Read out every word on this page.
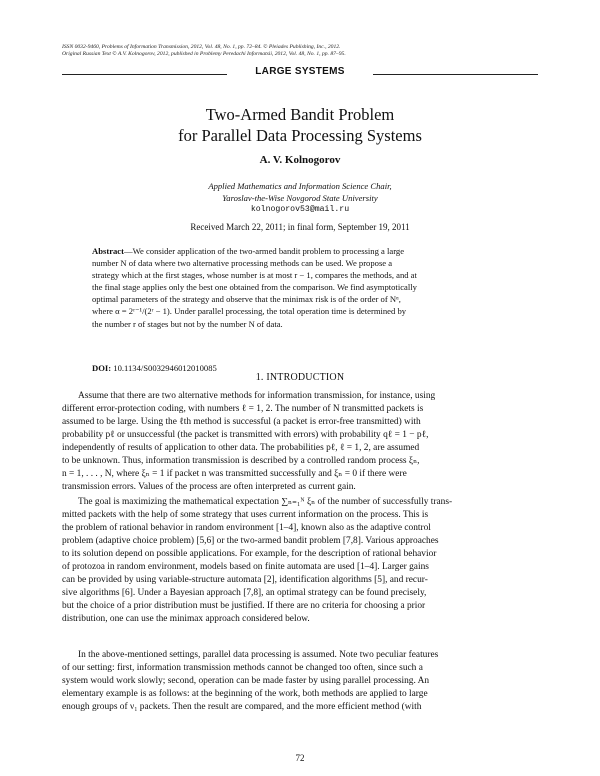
ISSN 0032-9460, Problems of Information Transmission, 2012, Vol. 48, No. 1, pp. 72–84. © Pleiades Publishing, Inc., 2012.
Original Russian Text © A.V. Kolnogorov, 2012, published in Problemy Peredachi Informatsii, 2012, Vol. 48, No. 1, pp. 87–95.
LARGE SYSTEMS
Two-Armed Bandit Problem
for Parallel Data Processing Systems
A. V. Kolnogorov
Applied Mathematics and Information Science Chair,
Yaroslav-the-Wise Novgorod State University
kolnogorov53@mail.ru
Received March 22, 2011; in final form, September 19, 2011
Abstract—We consider application of the two-armed bandit problem to processing a large
number N of data where two alternative processing methods can be used. We propose a
strategy which at the first stages, whose number is at most r − 1, compares the methods, and at
the final stage applies only the best one obtained from the comparison. We find asymptotically
optimal parameters of the strategy and observe that the minimax risk is of the order of Nᵅ,
where α = 2ʳ⁻¹/(2ʳ − 1). Under parallel processing, the total operation time is determined by
the number r of stages but not by the number N of data.
DOI: 10.1134/S0032946012010085
1. INTRODUCTION
Assume that there are two alternative methods for information transmission, for instance, using
different error-protection coding, with numbers ℓ = 1, 2. The number of N transmitted packets is
assumed to be large. Using the ℓth method is successful (a packet is error-free transmitted) with
probability pℓ or unsuccessful (the packet is transmitted with errors) with probability qℓ = 1 − pℓ,
independently of results of application to other data. The probabilities pℓ, ℓ = 1, 2, are assumed
to be unknown. Thus, information transmission is described by a controlled random process ξₙ,
n = 1, . . . , N, where ξₙ = 1 if packet n was transmitted successfully and ξₙ = 0 if there were
transmission errors. Values of the process are often interpreted as current gain.
The goal is maximizing the mathematical expectation ∑ₙ₌₁ᴺ ξₙ of the number of successfully trans-
mitted packets with the help of some strategy that uses current information on the process. This is
the problem of rational behavior in random environment [1–4], known also as the adaptive control
problem (adaptive choice problem) [5,6] or the two-armed bandit problem [7,8]. Various approaches
to its solution depend on possible applications. For example, for the description of rational behavior
of protozoa in random environment, models based on finite automata are used [1–4]. Larger gains
can be provided by using variable-structure automata [2], identification algorithms [5], and recur-
sive algorithms [6]. Under a Bayesian approach [7,8], an optimal strategy can be found precisely,
but the choice of a prior distribution must be justified. If there are no criteria for choosing a prior
distribution, one can use the minimax approach considered below.
In the above-mentioned settings, parallel data processing is assumed. Note two peculiar features
of our setting: first, information transmission methods cannot be changed too often, since such a
system would work slowly; second, operation can be made faster by using parallel processing. An
elementary example is as follows: at the beginning of the work, both methods are applied to large
enough groups of ν₁ packets. Then the result are compared, and the more efficient method (with
72
